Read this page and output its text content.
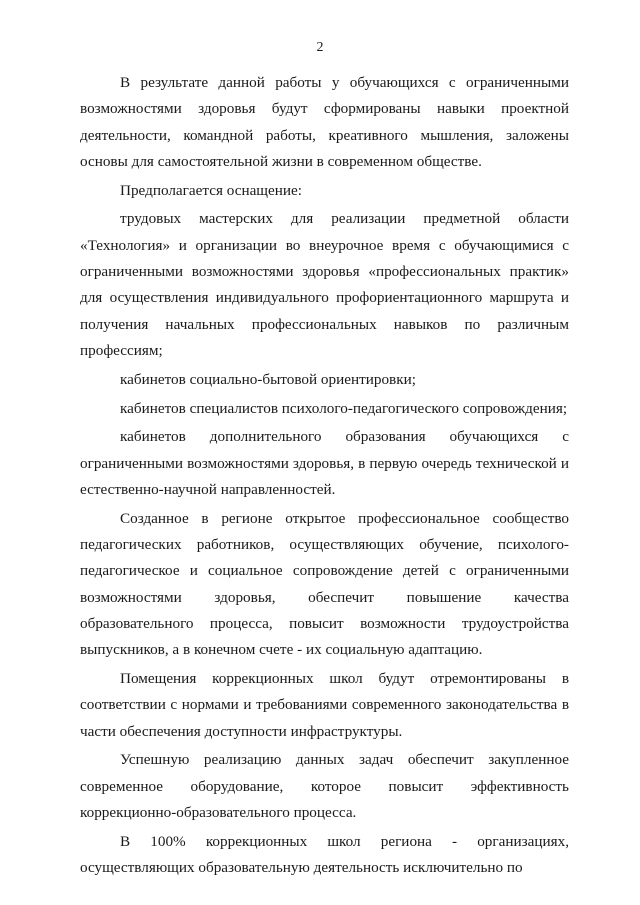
2

В результате данной работы у обучающихся с ограниченными возможностями здоровья будут сформированы навыки проектной деятельности, командной работы, креативного мышления, заложены основы для самостоятельной жизни в современном обществе.

Предполагается оснащение:

трудовых мастерских для реализации предметной области «Технология» и организации во внеурочное время с обучающимися с ограниченными возможностями здоровья «профессиональных практик» для осуществления индивидуального профориентационного маршрута и получения начальных профессиональных навыков по различным профессиям;

кабинетов социально-бытовой ориентировки;

кабинетов специалистов психолого-педагогического сопровождения;

кабинетов дополнительного образования обучающихся с ограниченными возможностями здоровья, в первую очередь технической и естественно-научной направленностей.

Созданное в регионе открытое профессиональное сообщество педагогических работников, осуществляющих обучение, психолого-педагогическое и социальное сопровождение детей с ограниченными возможностями здоровья, обеспечит повышение качества образовательного процесса, повысит возможности трудоустройства выпускников, а в конечном счете - их социальную адаптацию.

Помещения коррекционных школ будут отремонтированы в соответствии с нормами и требованиями современного законодательства в части обеспечения доступности инфраструктуры.

Успешную реализацию данных задач обеспечит закупленное современное оборудование, которое повысит эффективность коррекционно-образовательного процесса.

В 100% коррекционных школ региона - организациях, осуществляющих образовательную деятельность исключительно по
